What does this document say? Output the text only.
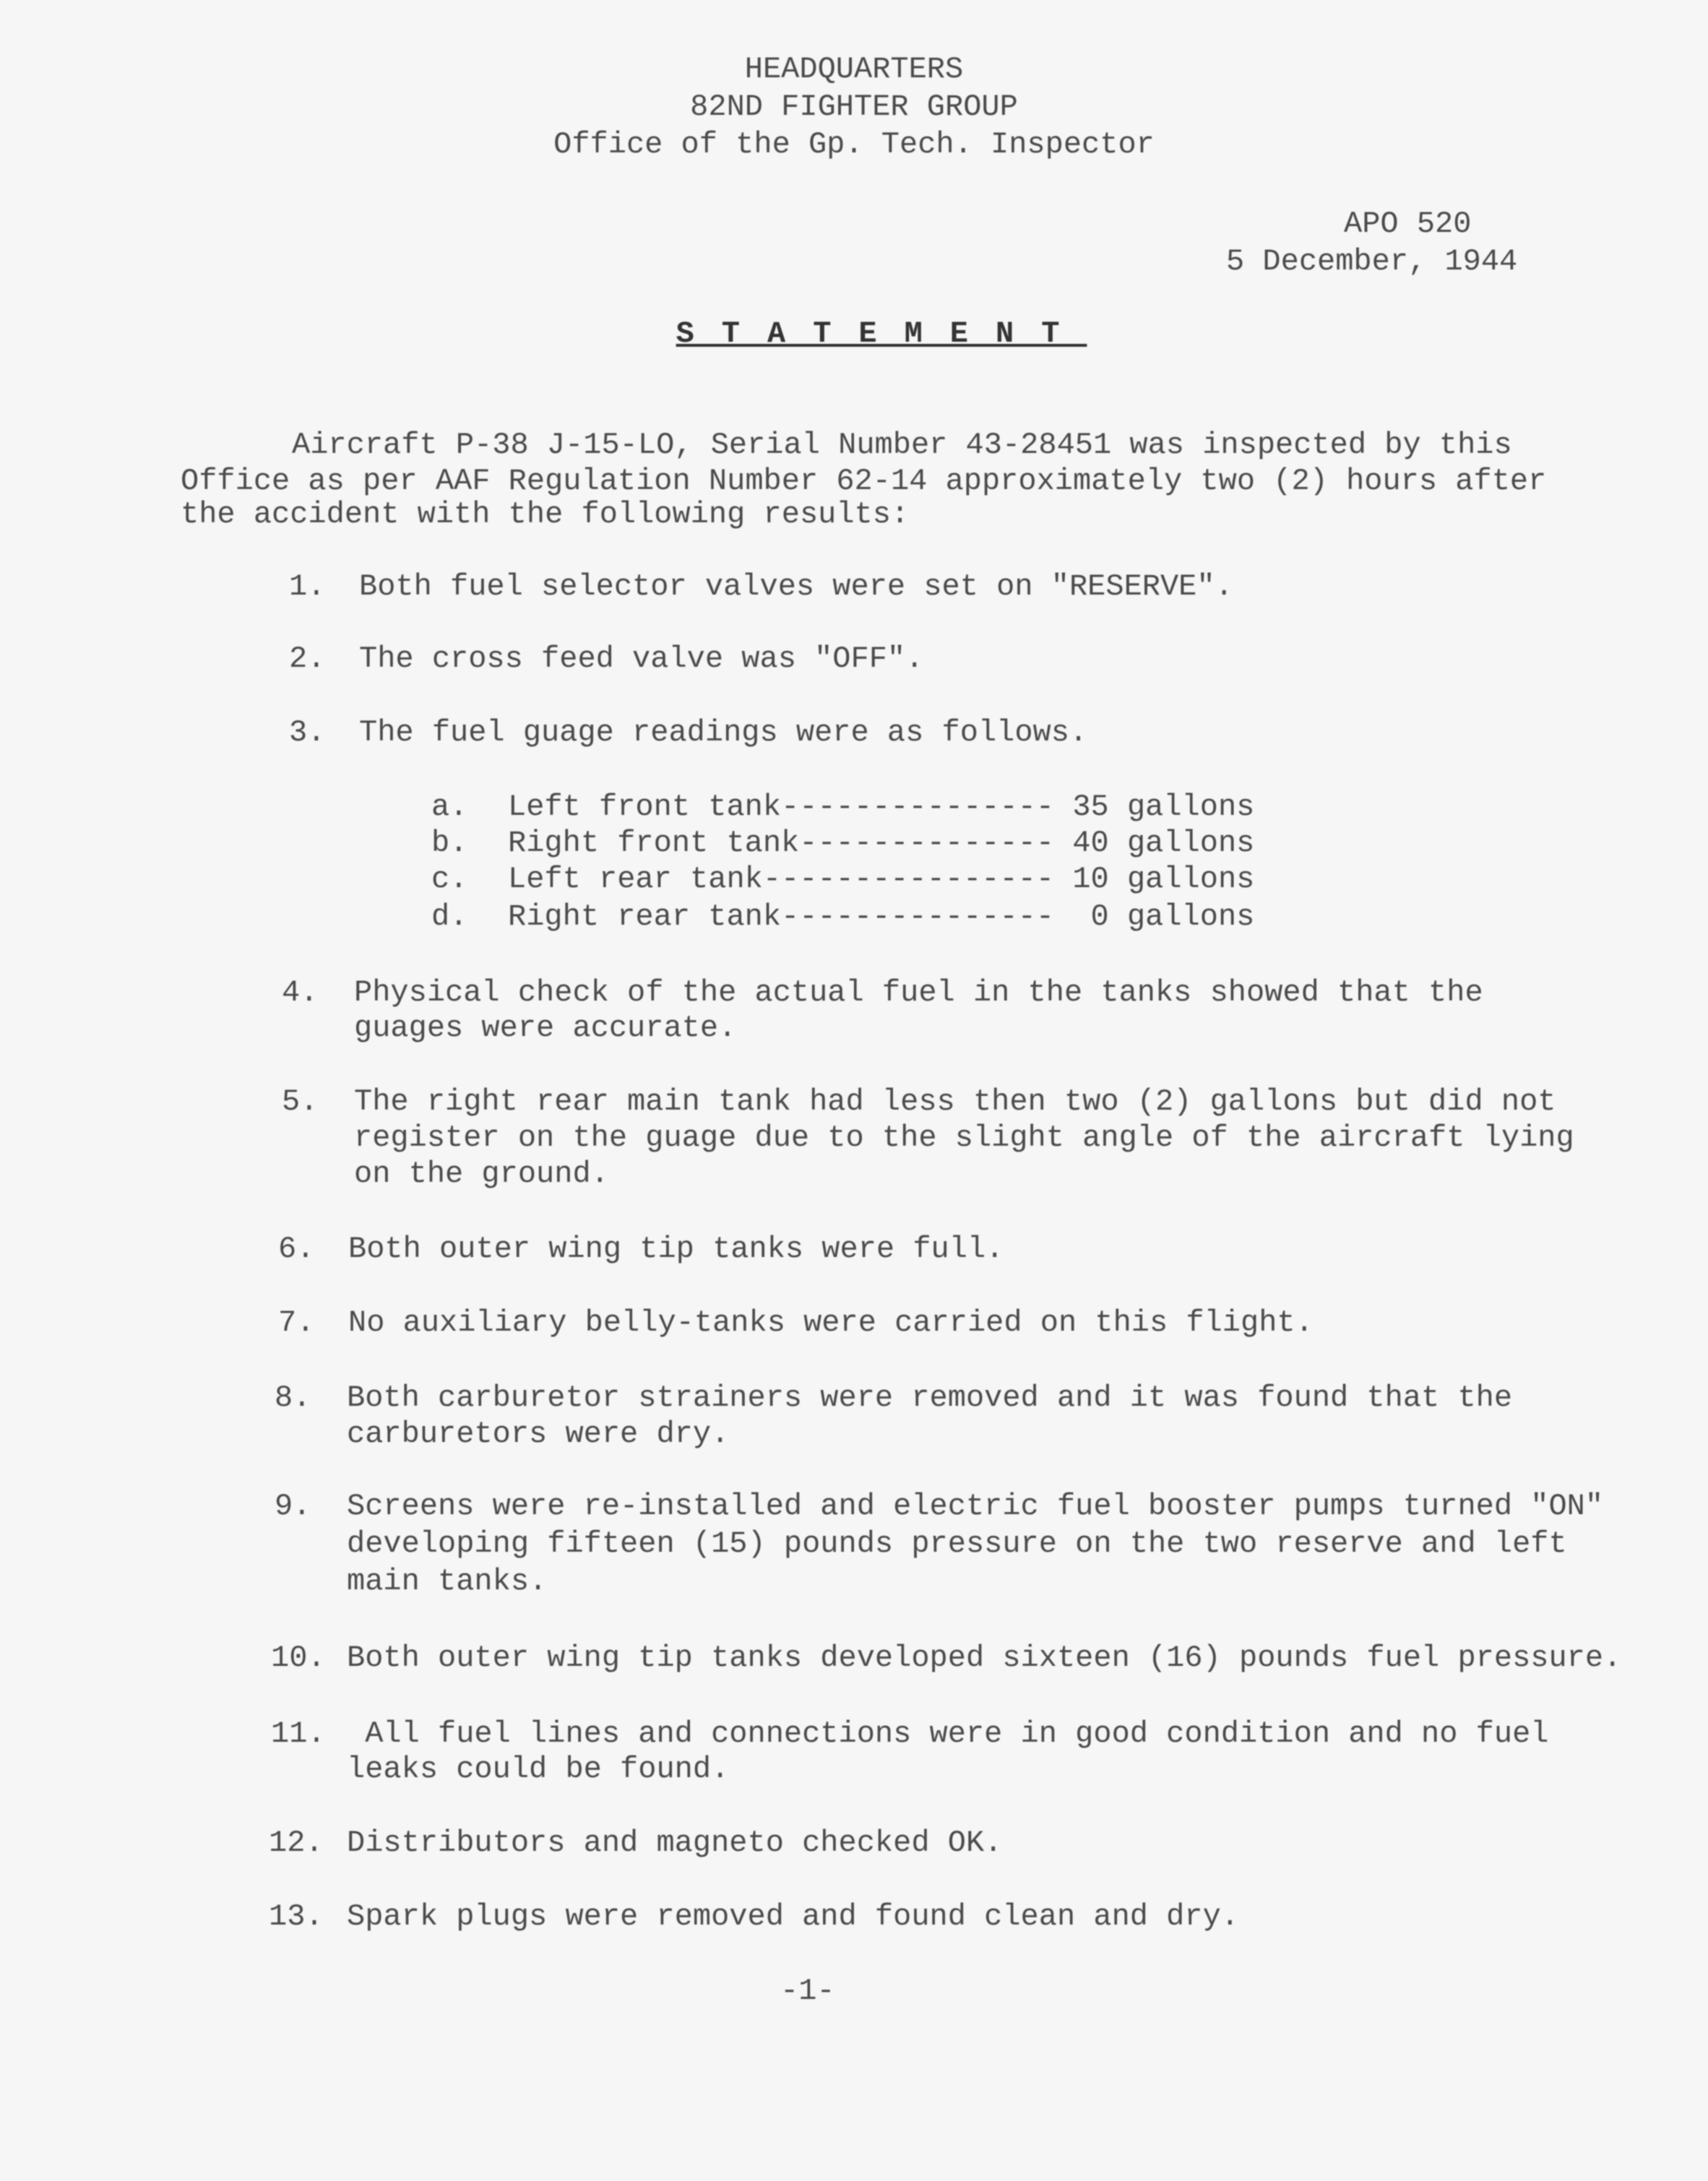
HEADQUARTERS
82ND FIGHTER GROUP
Office of the Gp. Tech. Inspector
APO 520
5 December, 1944
STATEMENT
Aircraft P-38 J-15-LO, Serial Number 43-28451 was inspected by this
Office as per AAF Regulation Number 62-14 approximately two (2) hours after
the accident with the following results:
1. Both fuel selector valves were set on "RESERVE".
2. The cross feed valve was "OFF".
3. The fuel guage readings were as follows.
4. Physical check of the actual fuel in the tanks showed that the
guages were accurate.
5. The right rear main tank had less then two (2) gallons but did not
register on the guage due to the slight angle of the aircraft lying
on the ground.
6. Both outer wing tip tanks were full.
7. No auxiliary belly-tanks were carried on this flight.
8. Both carburetor strainers were removed and it was found that the
carburetors were dry.
9. Screens were re-installed and electric fuel booster pumps turned "ON"
developing fifteen (15) pounds pressure on the two reserve and left
main tanks.
10. Both outer wing tip tanks developed sixteen (16) pounds fuel pressure.
11. All fuel lines and connections were in good condition and no fuel
leaks could be found.
12. Distributors and magneto checked OK.
13. Spark plugs were removed and found clean and dry.
a. Left front tank--------------- 35 gallons
b. Right front tank-------------- 40 gallons
c. Left rear tank---------------- 10 gallons
d. Right rear tank---------------  0 gallons
-1-
